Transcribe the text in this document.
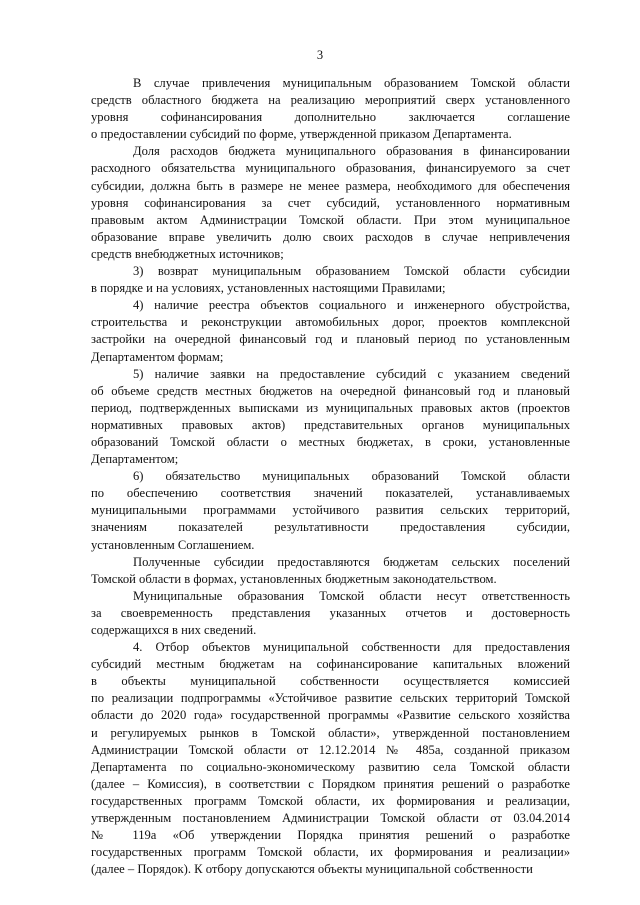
3
В случае привлечения муниципальным образованием Томской области
средств областного бюджета на реализацию мероприятий сверх установленного
уровня софинансирования дополнительно заключается соглашение
о предоставлении субсидий по форме, утвержденной приказом Департамента.
Доля расходов бюджета муниципального образования в финансировании
расходного обязательства муниципального образования, финансируемого за счет
субсидии, должна быть в размере не менее размера, необходимого для обеспечения
уровня софинансирования за счет субсидий, установленного нормативным
правовым актом Администрации Томской области. При этом муниципальное
образование вправе увеличить долю своих расходов в случае непривлечения
средств внебюджетных источников;
3) возврат муниципальным образованием Томской области субсидии
в порядке и на условиях, установленных настоящими Правилами;
4) наличие реестра объектов социального и инженерного обустройства,
строительства и реконструкции автомобильных дорог, проектов комплексной
застройки на очередной финансовый год и плановый период по установленным
Департаментом формам;
5) наличие заявки на предоставление субсидий с указанием сведений
об объеме средств местных бюджетов на очередной финансовый год и плановый
период, подтвержденных выписками из муниципальных правовых актов (проектов
нормативных правовых актов) представительных органов муниципальных
образований Томской области о местных бюджетах, в сроки, установленные
Департаментом;
6) обязательство муниципальных образований Томской области
по обеспечению соответствия значений показателей, устанавливаемых
муниципальными программами устойчивого развития сельских территорий,
значениям показателей результативности предоставления субсидии,
установленным Соглашением.
Полученные субсидии предоставляются бюджетам сельских поселений
Томской области в формах, установленных бюджетным законодательством.
Муниципальные образования Томской области несут ответственность
за своевременность представления указанных отчетов и достоверность
содержащихся в них сведений.
4. Отбор объектов муниципальной собственности для предоставления
субсидий местным бюджетам на софинансирование капитальных вложений
в объекты муниципальной собственности осуществляется комиссией
по реализации подпрограммы «Устойчивое развитие сельских территорий Томской
области до 2020 года» государственной программы «Развитие сельского хозяйства
и регулируемых рынков в Томской области», утвержденной постановлением
Администрации Томской области от 12.12.2014 № 485а, созданной приказом
Департамента по социально-экономическому развитию села Томской области
(далее – Комиссия), в соответствии с Порядком принятия решений о разработке
государственных программ Томской области, их формирования и реализации,
утвержденным постановлением Администрации Томской области от 03.04.2014
№ 119а «Об утверждении Порядка принятия решений о разработке
государственных программ Томской области, их формирования и реализации»
(далее – Порядок). К отбору допускаются объекты муниципальной собственности
